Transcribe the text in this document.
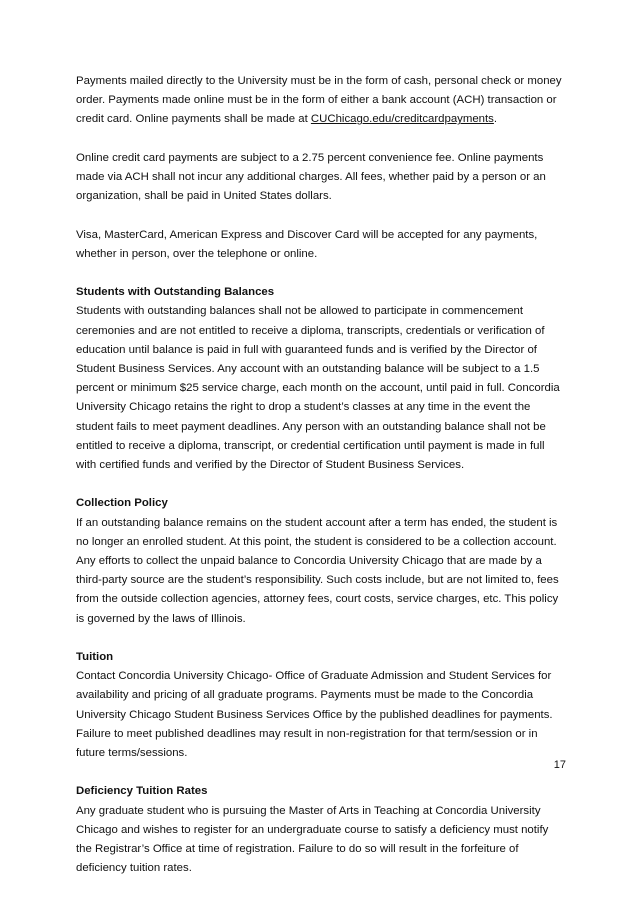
Payments mailed directly to the University must be in the form of cash, personal check or money order. Payments made online must be in the form of either a bank account (ACH) transaction or credit card. Online payments shall be made at CUChicago.edu/creditcardpayments.

Online credit card payments are subject to a 2.75 percent convenience fee. Online payments made via ACH shall not incur any additional charges. All fees, whether paid by a person or an organization, shall be paid in United States dollars.

Visa, MasterCard, American Express and Discover Card will be accepted for any payments, whether in person, over the telephone or online.

Students with Outstanding Balances
Students with outstanding balances shall not be allowed to participate in commencement ceremonies and are not entitled to receive a diploma, transcripts, credentials or verification of education until balance is paid in full with guaranteed funds and is verified by the Director of Student Business Services. Any account with an outstanding balance will be subject to a 1.5 percent or minimum $25 service charge, each month on the account, until paid in full. Concordia University Chicago retains the right to drop a student’s classes at any time in the event the student fails to meet payment deadlines. Any person with an outstanding balance shall not be entitled to receive a diploma, transcript, or credential certification until payment is made in full with certified funds and verified by the Director of Student Business Services.

Collection Policy
If an outstanding balance remains on the student account after a term has ended, the student is no longer an enrolled student. At this point, the student is considered to be a collection account. Any efforts to collect the unpaid balance to Concordia University Chicago that are made by a third-party source are the student’s responsibility. Such costs include, but are not limited to, fees from the outside collection agencies, attorney fees, court costs, service charges, etc. This policy is governed by the laws of Illinois.

Tuition
Contact Concordia University Chicago- Office of Graduate Admission and Student Services for availability and pricing of all graduate programs. Payments must be made to the Concordia University Chicago Student Business Services Office by the published deadlines for payments. Failure to meet published deadlines may result in non-registration for that term/session or in future terms/sessions.

Deficiency Tuition Rates
Any graduate student who is pursuing the Master of Arts in Teaching at Concordia University Chicago and wishes to register for an undergraduate course to satisfy a deficiency must notify the Registrar’s Office at time of registration. Failure to do so will result in the forfeiture of deficiency tuition rates.

17
